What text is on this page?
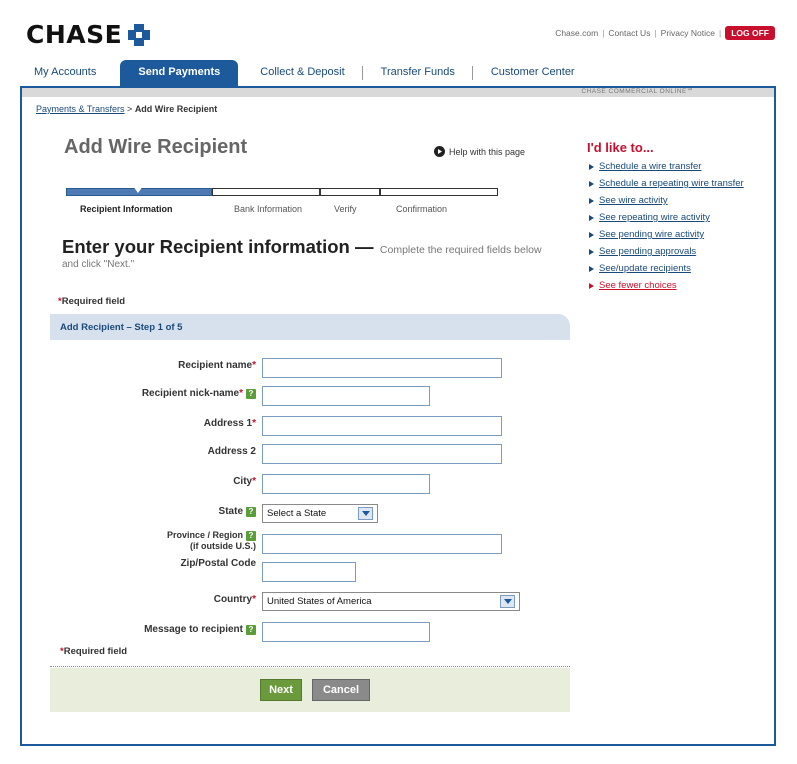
CHASE	Chase.com | Contact Us | Privacy Notice |	LOG OFF
My Accounts	Send Payments	Collect & Deposit	Transfer Funds	Customer Center
CHASE COMMERCIAL ONLINE℠
Payments & Transfers > Add Wire Recipient
Add Wire Recipient	Help with this page
Recipient Information	Bank Information	Verify	Confirmation
Enter your Recipient information — Complete the required fields below
and click "Next."
*Required field
Add Recipient – Step 1 of 5
Recipient name *
Recipient nick-name * ?
Address 1 *
Address 2
City *
State ? Select a State
Province / Region ?
(if outside U.S.)
Zip/Postal Code
Country * United States of America
Message to recipient ?
*Required field
Next	Cancel
I'd like to...
Schedule a wire transfer
Schedule a repeating wire transfer
See wire activity
See repeating wire activity
See pending wire activity
See pending approvals
See/update recipients
See fewer choices
